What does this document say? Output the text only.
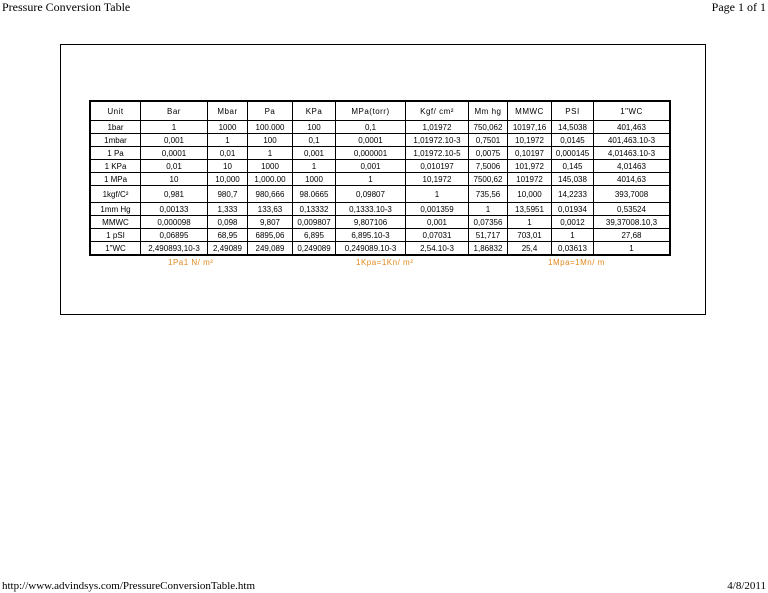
Pressure Conversion Table	Page 1 of 1
Unit	Bar	Mbar	Pa	KPa	MPa(torr)	Kgf/ cm²	Mm hg	MMWC	PSI	1"WC
1bar	1	1000	100.000	100	0,1	1,01972	750,062	10197,16	14,5038	401,463
1mbar	0,001	1	100	0,1	0,0001	1,01972.10-3	0,7501	10,1972	0,0145	401,463.10-3
1 Pa	0,0001	0,01	1	0,001	0,000001	1,01972.10-5	0,0075	0,10197	0,000145	4,01463.10-3
1 KPa	0,01	10	1000	1	0,001	0,010197	7,5006	101,972	0,145	4,01463
1 MPa	10	10,000	1,000.00	1000	1	10,1972	7500,62	101972	145,038	4014,63
1kgf/C²	0,981	980,7	980,666	98.0665	0,09807	1	735,56	10,000	14,2233	393,7008
1mm Hg	0,00133	1,333	133,63	0,13332	0,1333.10-3	0,001359	1	13,5951	0,01934	0,53524
MMWC	0,000098	0,098	9,807	0,009807	9,807106	0,001	0,07356	1	0,0012	39,37008.10,3
1 pSI	0,06895	68,95	6895,06	6,895	6,895.10-3	0,07031	51,717	703,01	1	27,68
1"WC	2,490893,10-3	2,49089	249,089	0,249089	0,249089.10-3	2,54.10-3	1,86832	25,4	0,03613	1
1Pa1 N/ m²	1Kpa=1Kn/ m²	1Mpa=1Mn/ m
http://www.advindsys.com/PressureConversionTable.htm	4/8/2011
